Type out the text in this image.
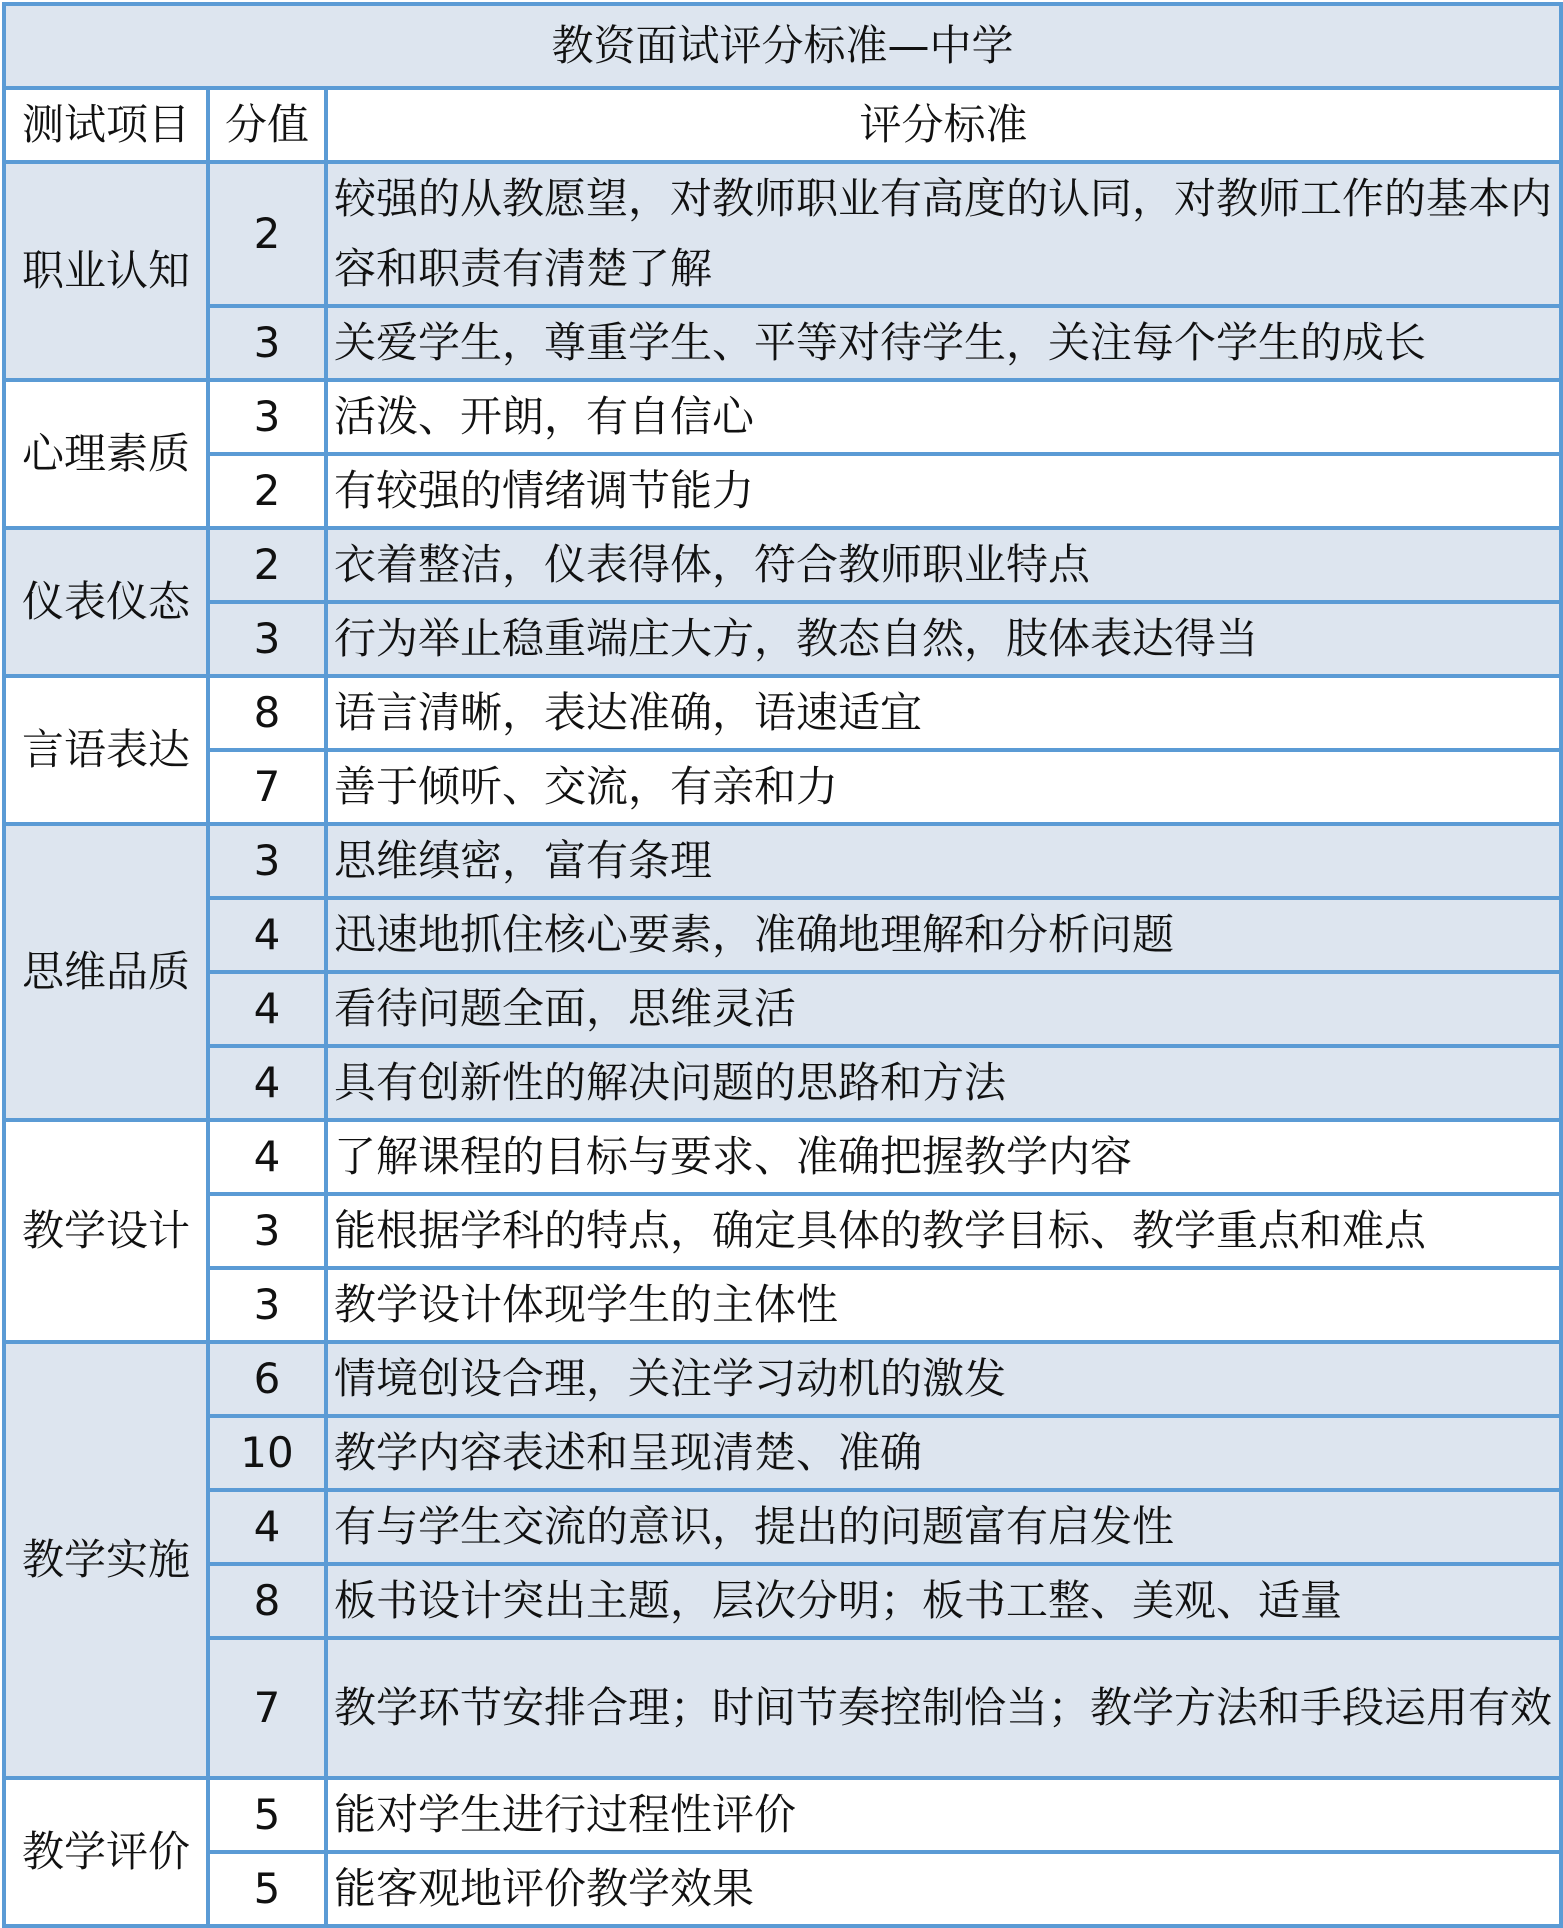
教资面试评分标准—中学		
测试项目	分值	评分标准
职业认知	2	较强的从教愿望，对教师职业有高度的认同，对教师工作的基本内容和职责有清楚了解
	3	关爱学生，尊重学生、平等对待学生，关注每个学生的成长
心理素质	3	活泼、开朗，有自信心
	2	有较强的情绪调节能力
仪表仪态	2	衣着整洁，仪表得体，符合教师职业特点
	3	行为举止稳重端庄大方，教态自然，肢体表达得当
言语表达	8	语言清晰，表达准确，语速适宜
	7	善于倾听、交流，有亲和力
思维品质	3	思维缜密，富有条理
	4	迅速地抓住核心要素，准确地理解和分析问题
	4	看待问题全面，思维灵活
	4	具有创新性的解决问题的思路和方法
教学设计	4	了解课程的目标与要求、准确把握教学内容
	3	能根据学科的特点，确定具体的教学目标、教学重点和难点
	3	教学设计体现学生的主体性
教学实施	6	情境创设合理，关注学习动机的激发
	10	教学内容表述和呈现清楚、准确
	4	有与学生交流的意识，提出的问题富有启发性
	8	板书设计突出主题，层次分明；板书工整、美观、适量
	7	教学环节安排合理；时间节奏控制恰当；教学方法和手段运用有效
教学评价	5	能对学生进行过程性评价
	5	能客观地评价教学效果
